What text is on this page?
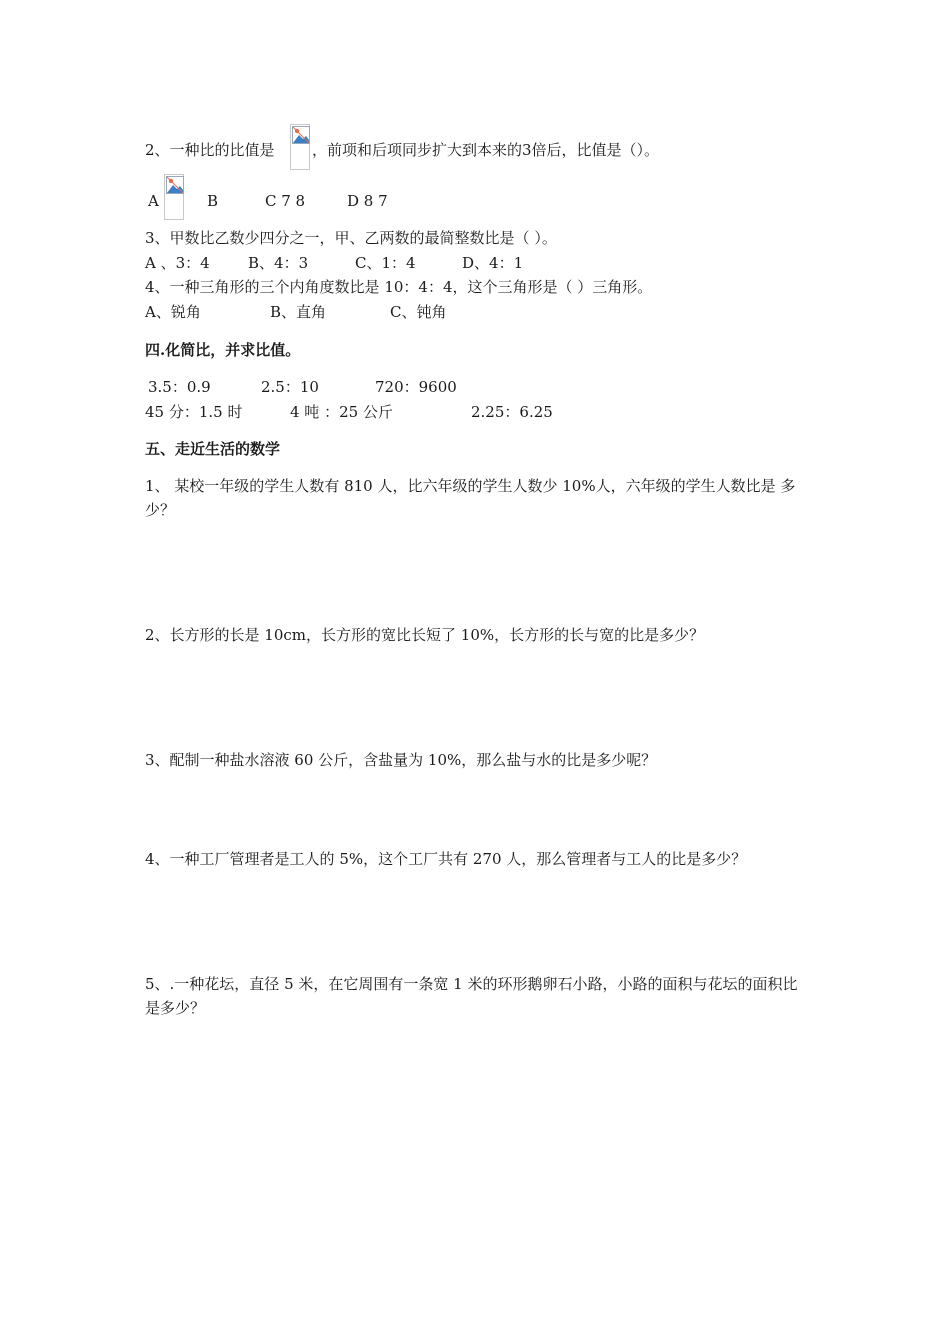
2、一种比的比值是 ，前项和后项同步扩大到本来的3倍后，比值是（）。
A	B	C 7 8	D 8 7
3、甲数比乙数少四分之一，甲、乙两数的最简整数比是（ ）。
A 、3：4	B、4：3	C、1：4	D、4：1
4、一种三角形的三个内角度数比是 10：4：4，这个三角形是（ ）三角形。
A、锐角	B、直角	C、钝角
四.化简比，并求比值。
3.5：0.9	2.5：10	720：9600
45 分：1.5 时	4 吨 ：25 公斤	2.25：6.25
五、走近生活的数学
1、 某校一年级的学生人数有 810 人，比六年级的学生人数少 10%人，六年级的学生人数比是 多少？
2、长方形的长是 10cm，长方形的宽比长短了 10%，长方形的长与宽的比是多少？
3、配制一种盐水溶液 60 公斤，含盐量为 10%，那么盐与水的比是多少呢？
4、一种工厂管理者是工人的 5%，这个工厂共有 270 人，那么管理者与工人的比是多少？
5、.一种花坛，直径 5 米，在它周围有一条宽 1 米的环形鹅卵石小路，小路的面积与花坛的面积比 是多少？
